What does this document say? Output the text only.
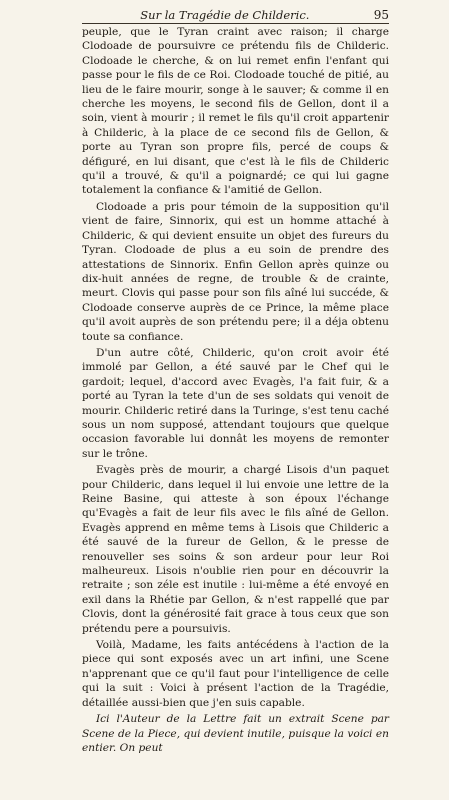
Sur la Tragédie de Childeric.	95

peuple, que le Tyran craint avec raison; il charge Clodoade de poursuivre ce prétendu fils de Childeric. Clodoade le cherche, & on lui remet enfin l'enfant qui passe pour le fils de ce Roi. Clodoade touché de pitié, au lieu de le faire mourir, songe à le sauver; & comme il en cherche les moyens, le second fils de Gellon, dont il a soin, vient à mourir ; il remet le fils qu'il croit appartenir à Childeric, à la place de ce second fils de Gellon, & porte au Tyran son propre fils, percé de coups & défiguré, en lui disant, que c'est là le fils de Childeric qu'il a trouvé, & qu'il a poignardé; ce qui lui gagne totalement la confiance & l'amitié de Gellon.

Clodoade a pris pour témoin de la supposition qu'il vient de faire, Sinnorix, qui est un homme attaché à Childeric, & qui devient ensuite un objet des fureurs du Tyran. Clodoade de plus a eu soin de prendre des attestations de Sinnorix. Enfin Gellon après quinze ou dix-huit années de regne, de trouble & de crainte, meurt. Clovis qui passe pour son fils aîné lui succéde, & Clodoade conserve auprès de ce Prince, la même place qu'il avoit auprès de son prétendu pere; il a déja obtenu toute sa confiance.

D'un autre côté, Childeric, qu'on croit avoir été immolé par Gellon, a été sauvé par le Chef qui le gardoit; lequel, d'accord avec Evagès, l'a fait fuir, & a porté au Tyran la tete d'un de ses soldats qui venoit de mourir. Childeric retiré dans la Turinge, s'est tenu caché sous un nom supposé, attendant toujours que quelque occasion favorable lui donnât les moyens de remonter sur le trône.

Evagès près de mourir, a chargé Lisois d'un paquet pour Childeric, dans lequel il lui envoie une lettre de la Reine Basine, qui atteste à son époux l'échange qu'Evagès a fait de leur fils avec le fils aîné de Gellon. Evagès apprend en même tems à Lisois que Childeric a été sauvé de la fureur de Gellon, & le presse de renouveller ses soins & son ardeur pour leur Roi malheureux. Lisois n'oublie rien pour en découvrir la retraite ; son zéle est inutile : lui-même a été envoyé en exil dans la Rhétie par Gellon, & n'est rappellé que par Clovis, dont la générosité fait grace à tous ceux que son prétendu pere a poursuivis.

Voilà, Madame, les faits antécédens à l'action de la piece qui sont exposés avec un art infini, une Scene n'apprenant que ce qu'il faut pour l'intelligence de celle qui la suit : Voici à présent l'action de la Tragédie, détaillée aussi-bien que j'en suis capable.

Ici l'Auteur de la Lettre fait un extrait Scene par Scene de la Piece, qui devient inutile, puisque la voici en entier. On peut
